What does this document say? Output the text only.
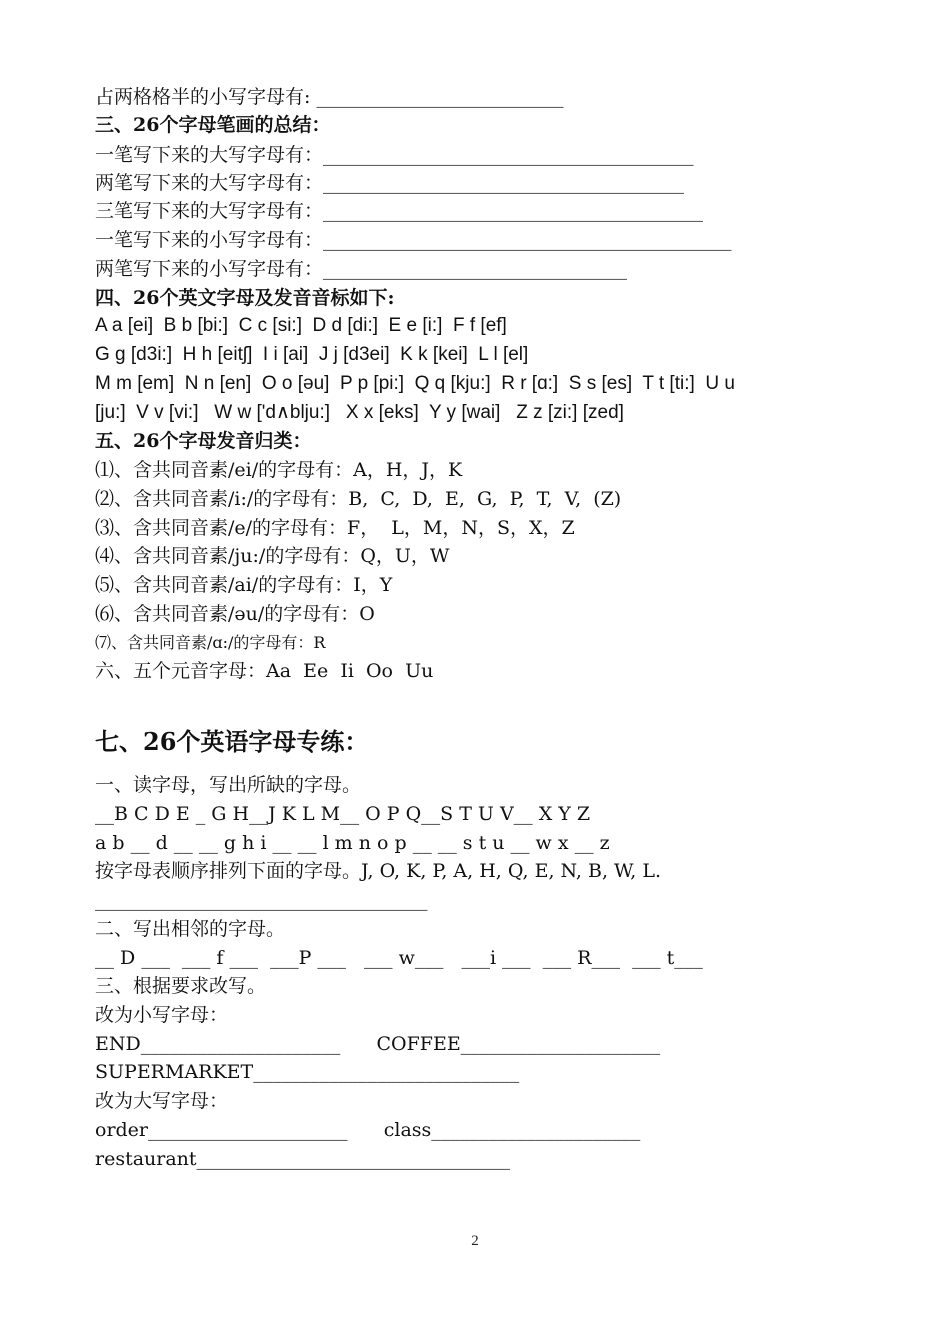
占两格格半的小写字母有: __________________________
三、26个字母笔画的总结：
一笔写下来的大写字母有：_______________________________________
两笔写下来的大写字母有：______________________________________
三笔写下来的大写字母有：________________________________________
一笔写下来的小写字母有：___________________________________________
两笔写下来的小写字母有：________________________________
四、26个英文字母及发音音标如下:
A a [ei]  B b [bi:]  C c [si:]  D d [di:]  E e [i:]  F f [ef]
G g [d3i:]  H h [eitʃ]  I i [ai]  J j [d3ei]  K k [kei]  L l [el]
M m [em]  N n [en]  O o [əu]  P p [pi:]  Q q [kju:]  R r [ɑ:]  S s [es]  T t [ti:]  U u
[ju:]  V v [vi:]   W w ['d∧blju:]   X x [eks]  Y y [wai]   Z z [zi:] [zed]
五、26个字母发音归类：
⑴、含共同音素/ei/的字母有：A，H，J，K
⑵、含共同音素/i:/的字母有：B,  C,  D,  E,  G,  P,  T,  V,  (Z)
⑶、含共同音素/e/的字母有：F，  L，M，N，S，X，Z
⑷、含共同音素/ju:/的字母有：Q，U，W
⑸、含共同音素/ai/的字母有：I，Y
⑹、含共同音素/əu/的字母有：O
⑺、含共同音素/ɑ:/的字母有：R
六、五个元音字母：Aa  Ee  Ii  Oo  Uu
七、26个英语字母专练：
一、读字母，写出所缺的字母。
__B C D E _ G H__J K L M__ O P Q__S T U V__ X Y Z
a b __ d __ __ g h i __ __ l m n o p __ __ s t u __ w x __ z
按字母表顺序排列下面的字母。J, O, K, P, A, H, Q, E, N, B, W, L.
___________________________________
二、写出相邻的字母。
__ D ___  ___ f ___  ___P ___   ___ w___   ___i ___  ___ R___  ___ t___
三、根据要求改写。
改为小写字母：
END_____________________      COFFEE_____________________
SUPERMARKET____________________________
改为大写字母：
order_____________________      class______________________
restaurant_________________________________
2
